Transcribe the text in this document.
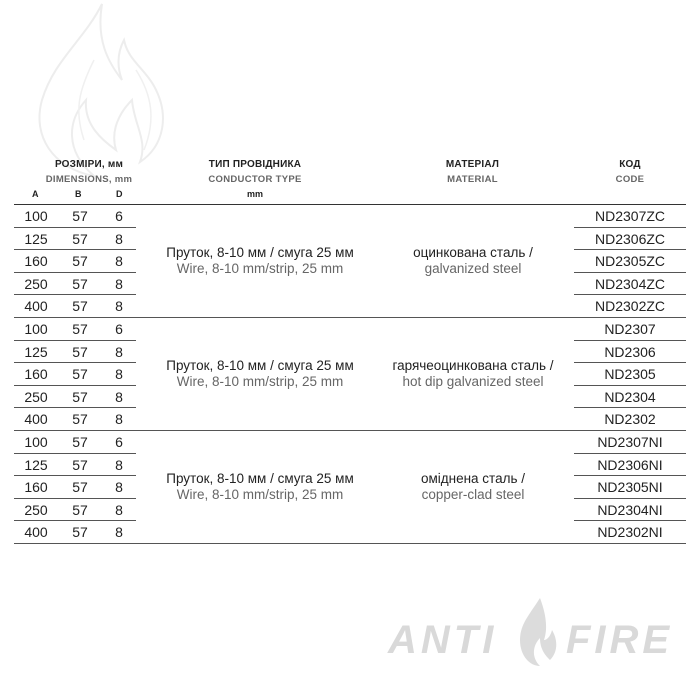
РОЗМІРИ, мм
DIMENSIONS, mm
A	B	D
ТИП ПРОВІДНИКА
CONDUCTOR TYPE
mm
МАТЕРІАЛ
MATERIAL
КОД
CODE
100	57	6	ND2307ZC
125	57	8	ND2306ZC
160	57	8	ND2305ZC
250	57	8	ND2304ZC
400	57	8	ND2302ZC
Пруток, 8-10 мм / смуга 25 мм
Wire, 8-10 mm/strip, 25 mm
оцинкована сталь /
galvanized steel
100	57	6	ND2307
125	57	8	ND2306
160	57	8	ND2305
250	57	8	ND2304
400	57	8	ND2302
Пруток, 8-10 мм / смуга 25 мм
Wire, 8-10 mm/strip, 25 mm
гарячеоцинкована сталь /
hot dip galvanized steel
100	57	6	ND2307NI
125	57	8	ND2306NI
160	57	8	ND2305NI
250	57	8	ND2304NI
400	57	8	ND2302NI
Пруток, 8-10 мм / смуга 25 мм
Wire, 8-10 mm/strip, 25 mm
оміднена сталь /
copper-clad steel
ANTI FIRE
